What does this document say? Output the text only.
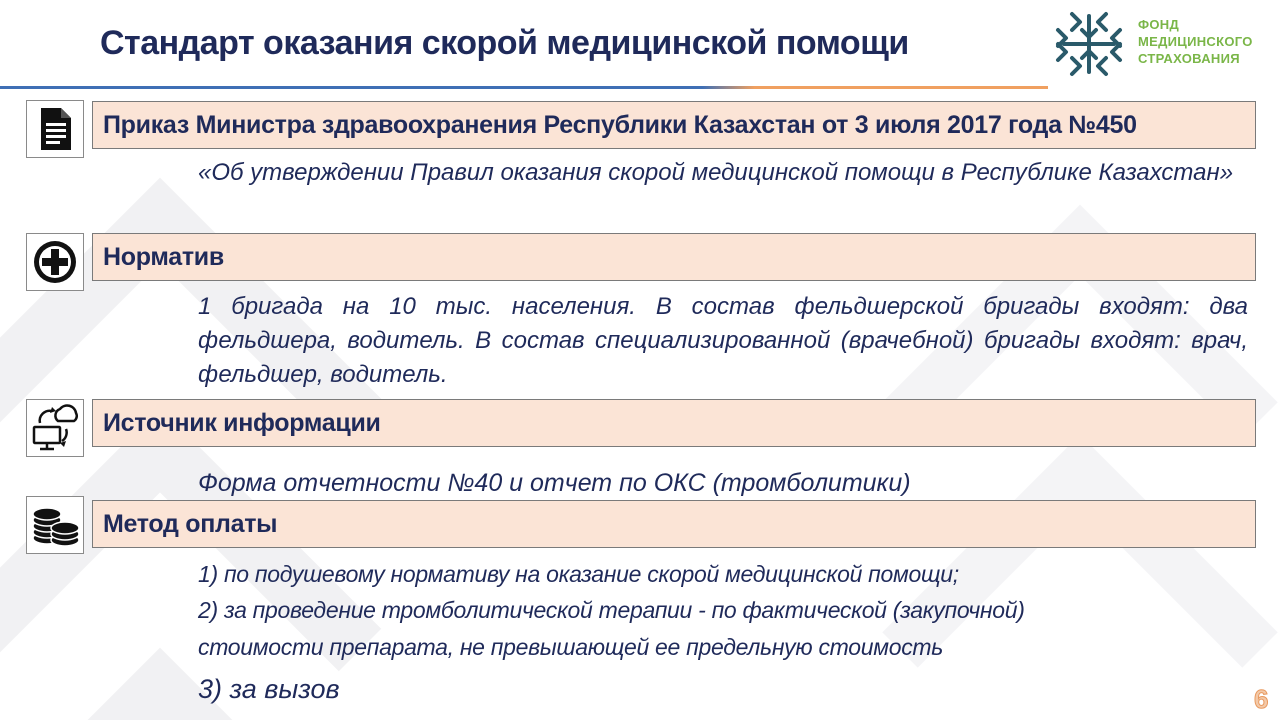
Стандарт оказания скорой медицинской помощи	ФОНД
МЕДИЦИНСКОГО
СТРАХОВАНИЯ
Приказ Министра здравоохранения Республики Казахстан от 3 июля 2017 года №450
«Об утверждении Правил оказания скорой медицинской помощи в Республике Казахстан»
Норматив
1 бригада на 10 тыс. населения. В состав фельдшерской бригады входят: два фельдшера, водитель. В состав специализированной (врачебной) бригады входят: врач, фельдшер, водитель.
Источник информации
Форма отчетности №40 и отчет по ОКС (тромболитики)
Метод оплаты
1) по подушевому нормативу на оказание скорой медицинской помощи;
2) за проведение тромболитической терапии - по фактической (закупочной)
стоимости препарата, не превышающей ее предельную стоимость
3) за вызов	6
